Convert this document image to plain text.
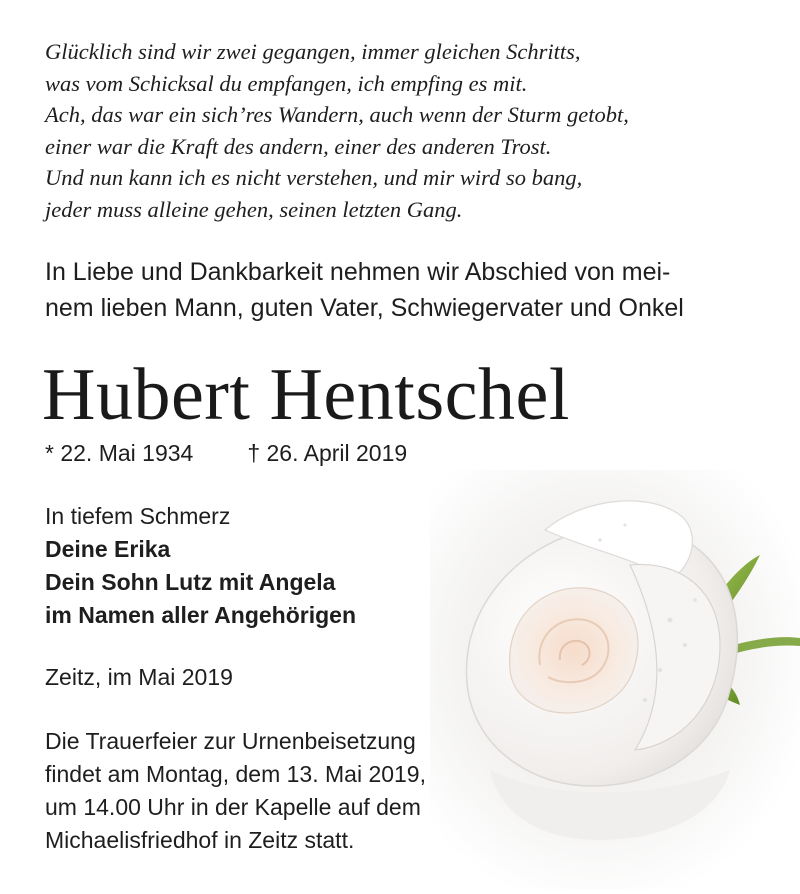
Glücklich sind wir zwei gegangen, immer gleichen Schritts,
was vom Schicksal du empfangen, ich empfing es mit.
Ach, das war ein sich’res Wandern, auch wenn der Sturm getobt,
einer war die Kraft des andern, einer des anderen Trost.
Und nun kann ich es nicht verstehen, und mir wird so bang,
jeder muss alleine gehen, seinen letzten Gang.
In Liebe und Dankbarkeit nehmen wir Abschied von mei-
nem lieben Mann, guten Vater, Schwiegervater und Onkel
Hubert Hentschel
* 22. Mai 1934 † 26. April 2019
In tiefem Schmerz
Deine Erika
Dein Sohn Lutz mit Angela
im Namen aller Angehörigen
Zeitz, im Mai 2019
Die Trauerfeier zur Urnenbeisetzung
findet am Montag, dem 13. Mai 2019,
um 14.00 Uhr in der Kapelle auf dem
Michaelisfriedhof in Zeitz statt.
